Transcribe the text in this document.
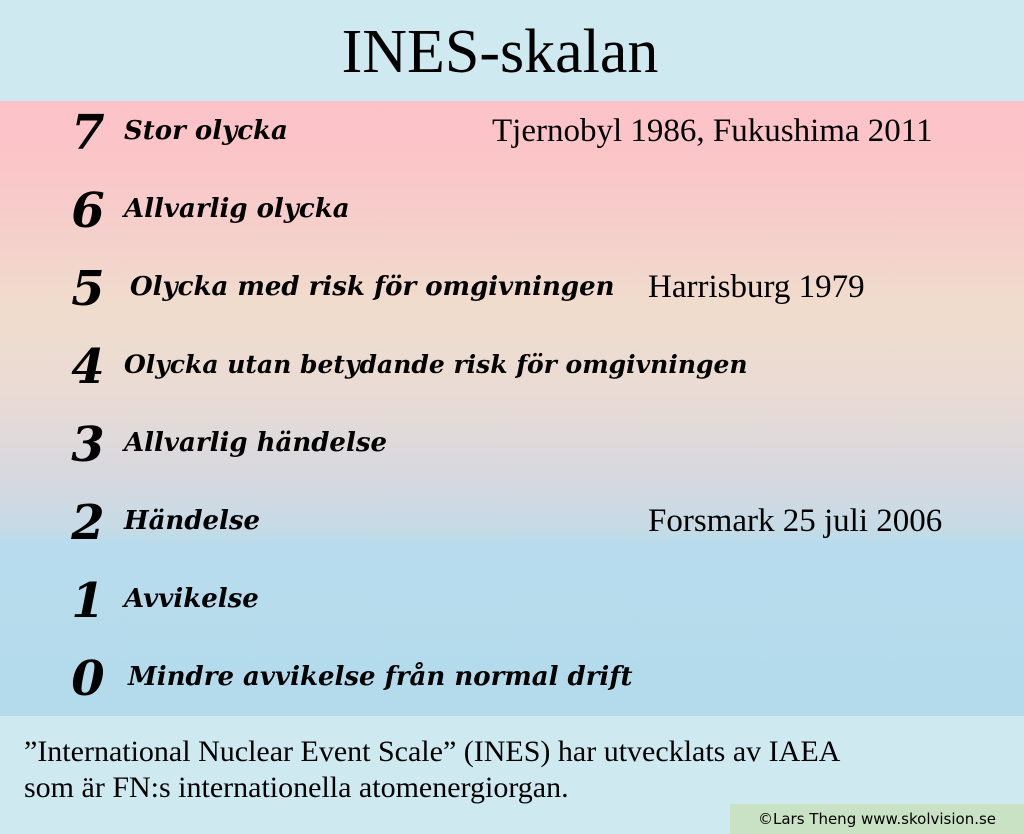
INES-skalan
7 Stor olycka	Tjernobyl 1986, Fukushima 2011
6 Allvarlig olycka
5 Olycka med risk för omgivningen Harrisburg 1979
4 Olycka utan betydande risk för omgivningen
3 Allvarlig händelse
2 Händelse	Forsmark 25 juli 2006
1 Avvikelse
0 Mindre avvikelse från normal drift
”International Nuclear Event Scale” (INES) har utvecklats av IAEA
som är FN:s internationella atomenergiorgan.
©Lars Theng www.skolvision.se
